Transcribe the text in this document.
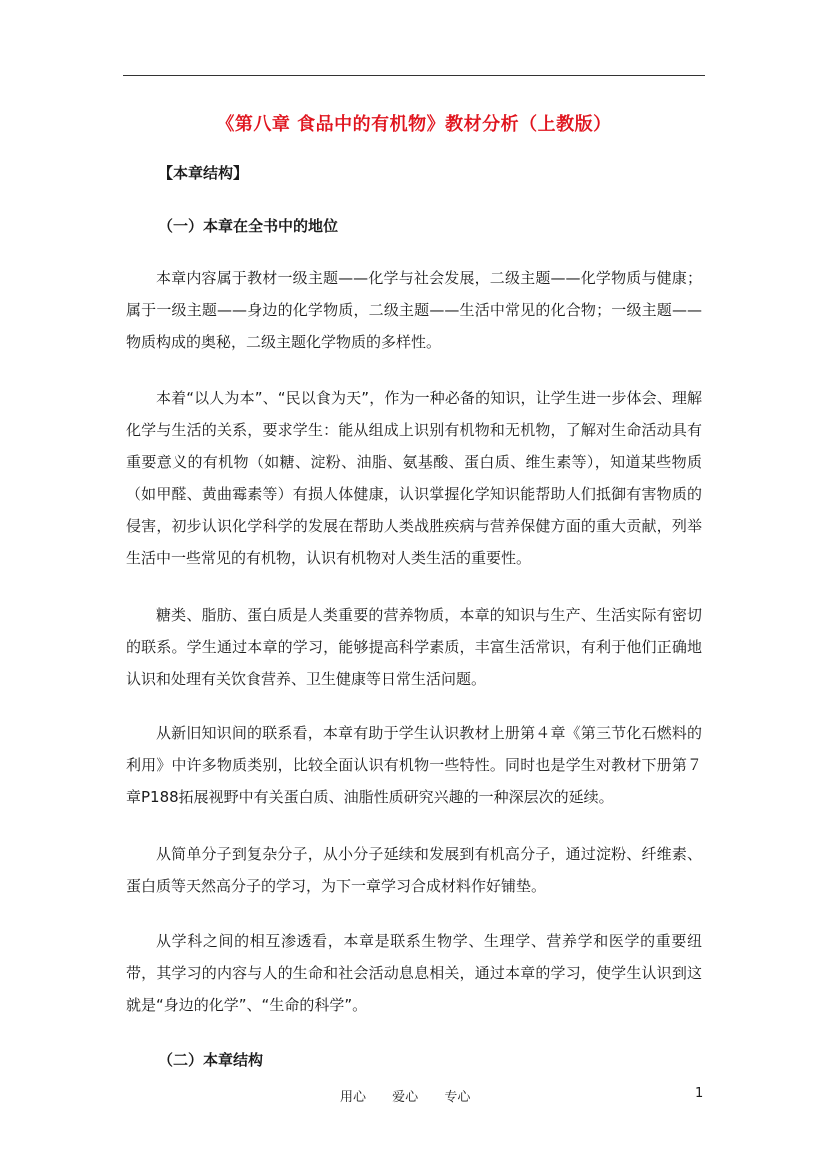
《第八章 食品中的有机物》教材分析（上教版）
【本章结构】
（一）本章在全书中的地位

本章内容属于教材一级主题——化学与社会发展，二级主题——化学物质与健康；属于一级主题——身边的化学物质，二级主题——生活中常见的化合物；一级主题——物质构成的奥秘，二级主题化学物质的多样性。

本着“以人为本”、“民以食为天”，作为一种必备的知识，让学生进一步体会、理解化学与生活的关系，要求学生：能从组成上识别有机物和无机物，了解对生命活动具有重要意义的有机物（如糖、淀粉、油脂、氨基酸、蛋白质、维生素等），知道某些物质（如甲醛、黄曲霉素等）有损人体健康，认识掌握化学知识能帮助人们抵御有害物质的侵害，初步认识化学科学的发展在帮助人类战胜疾病与营养保健方面的重大贡献，列举生活中一些常见的有机物，认识有机物对人类生活的重要性。

糖类、脂肪、蛋白质是人类重要的营养物质，本章的知识与生产、生活实际有密切的联系。学生通过本章的学习，能够提高科学素质，丰富生活常识，有利于他们正确地认识和处理有关饮食营养、卫生健康等日常生活问题。

从新旧知识间的联系看，本章有助于学生认识教材上册第４章《第三节化石燃料的利用》中许多物质类别，比较全面认识有机物一些特性。同时也是学生对教材下册第７章P188拓展视野中有关蛋白质、油脂性质研究兴趣的一种深层次的延续。

从简单分子到复杂分子，从小分子延续和发展到有机高分子，通过淀粉、纤维素、蛋白质等天然高分子的学习，为下一章学习合成材料作好铺垫。

从学科之间的相互渗透看，本章是联系生物学、生理学、营养学和医学的重要纽带，其学习的内容与人的生命和社会活动息息相关，通过本章的学习，使学生认识到这就是“身边的化学”、“生命的科学”。

（二）本章结构
用心 爱心 专心	1
